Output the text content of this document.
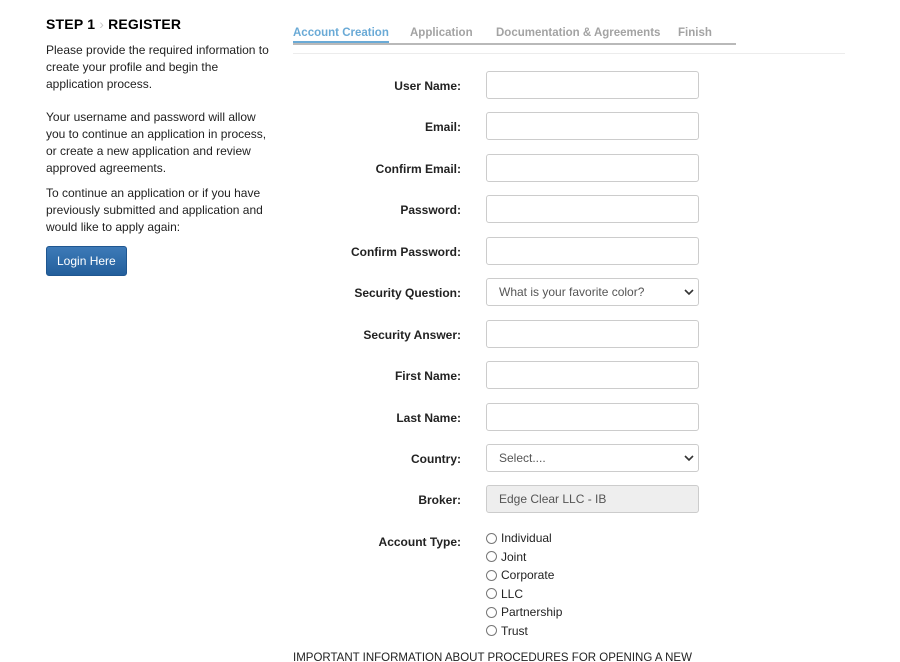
STEP 1 › REGISTER

Please provide the required information to create your profile and begin the application process.

Your username and password will allow you to continue an application in process, or create a new application and review approved agreements.

To continue an application or if you have previously submitted and application and would like to apply again:

Login Here
Account Creation Application Documentation & Agreements Finish
User Name:
Email:
Confirm Email:
Password:
Confirm Password:
Security Question:	What is your favorite color?
Security Answer:
First Name:
Last Name:
Country:	Select....
Broker:	Edge Clear LLC - IB
Account Type:	Individual
Joint
Corporate
LLC
Partnership
Trust
IMPORTANT INFORMATION ABOUT PROCEDURES FOR OPENING A NEW
